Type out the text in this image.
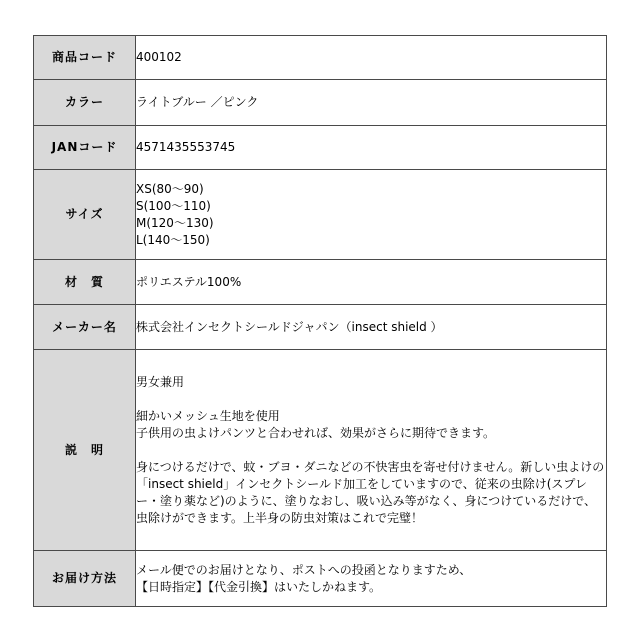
商品コード	400102
カラー	ライトブルー ／ピンク
JANコード	4571435553745
サイズ	XS(80〜90)
S(100〜110)
M(120〜130)
L(140〜150)

材　質	ポリエステル100%
メーカー名	株式会社インセクトシールドジャパン（insect shield ）
説　明	男女兼用
細かいメッシュ生地を使用
子供用の虫よけパンツと合わせれば、効果がさらに期待できます。
身につけるだけで、蚊・ブヨ・ダニなどの不快害虫を寄せ付けません。新しい虫よけの「insect shield」インセクトシールド加工をしていますので、従来の虫除け(スプレー・塗り薬など)のように、塗りなおし、吸い込み等がなく、身につけているだけで、虫除けができます。上半身の防虫対策はこれで完璧！

お届け方法	メール便でのお届けとなり、ポストへの投函となりますため、
【日時指定】【代金引換】はいたしかねます。
